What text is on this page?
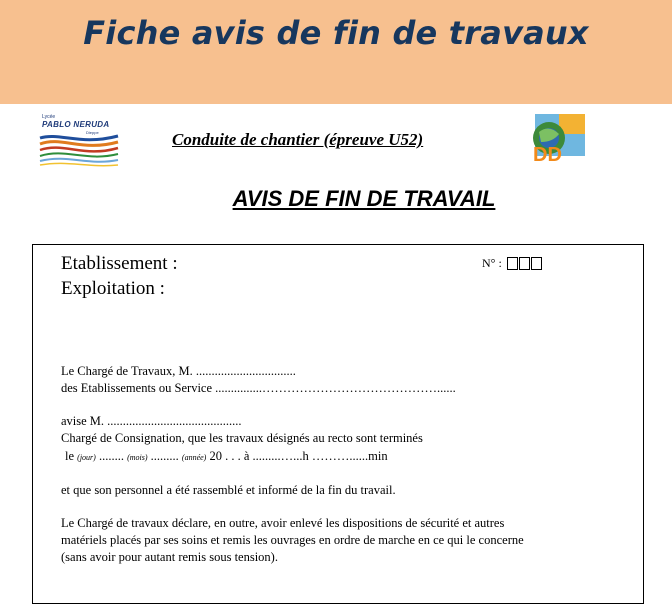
Fiche avis de fin de travaux
Lycée
PABLO NERUDA
Dieppe	Conduite de chantier (épreuve U52)
DD
AVIS DE FIN DE TRAVAIL
Etablissement :
Exploitation :
N° :
Le Chargé de Travaux, M. ................................
des Etablissements ou Service ...............……………………………………......
avise M. ...........................................
Chargé de Consignation, que les travaux désignés au recto sont terminés
le (jour) ........ (mois) ......... (année) 20 . . . à .........…...h ………......min
et que son personnel a été rassemblé et informé de la fin du travail.
Le Chargé de travaux déclare, en outre, avoir enlevé les dispositions de sécurité et autres
matériels placés par ses soins et remis les ouvrages en ordre de marche en ce qui le concerne
(sans avoir pour autant remis sous tension).
